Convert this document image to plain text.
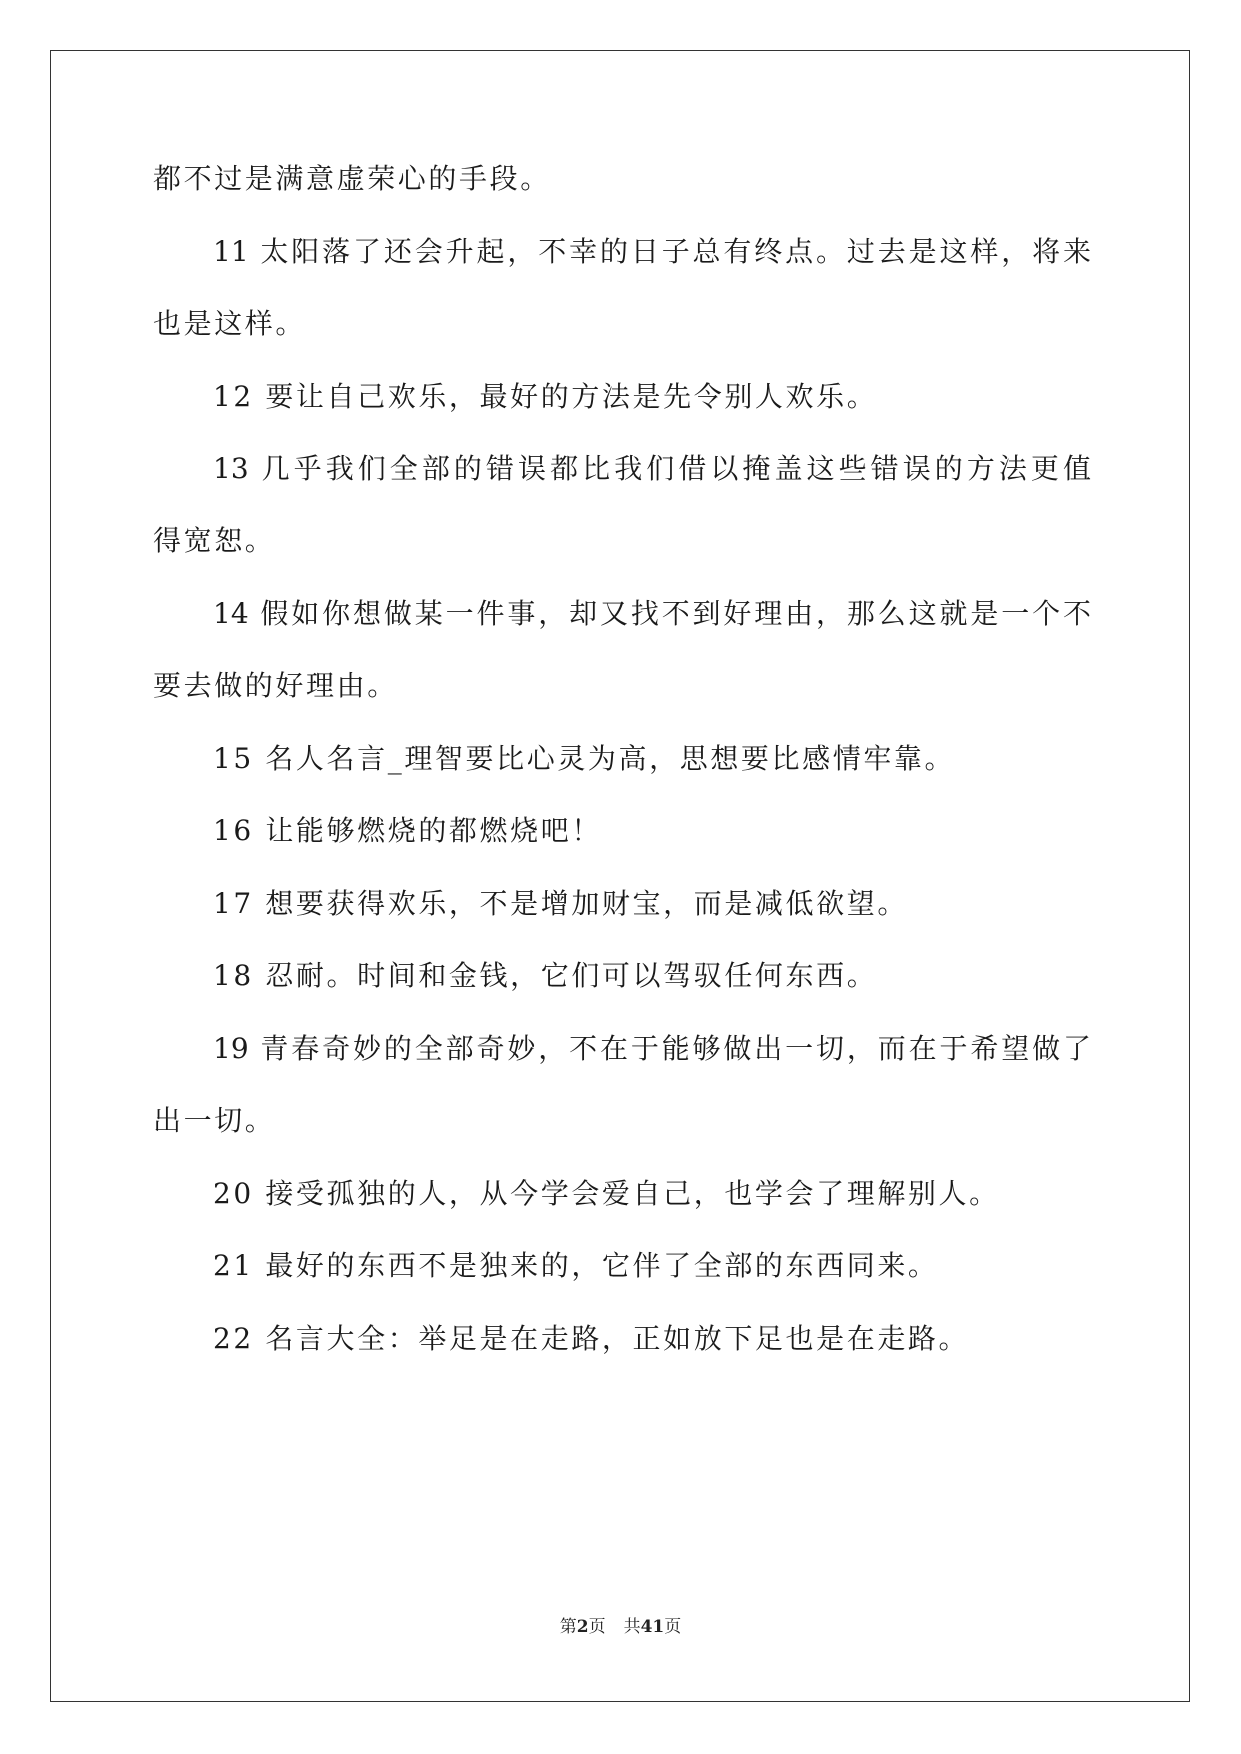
都不过是满意虚荣心的手段。
11 太阳落了还会升起，不幸的日子总有终点。过去是这样，将来
也是这样。
12 要让自己欢乐，最好的方法是先令别人欢乐。
13 几乎我们全部的错误都比我们借以掩盖这些错误的方法更值
得宽恕。
14 假如你想做某一件事，却又找不到好理由，那么这就是一个不
要去做的好理由。
15 名人名言_理智要比心灵为高，思想要比感情牢靠。
16 让能够燃烧的都燃烧吧！
17 想要获得欢乐，不是增加财宝，而是减低欲望。
18 忍耐。时间和金钱，它们可以驾驭任何东西。
19 青春奇妙的全部奇妙，不在于能够做出一切，而在于希望做了
出一切。
20 接受孤独的人，从今学会爱自己，也学会了理解别人。
21 最好的东西不是独来的，它伴了全部的东西同来。
22 名言大全：举足是在走路，正如放下足也是在走路。
第2页 共41页
